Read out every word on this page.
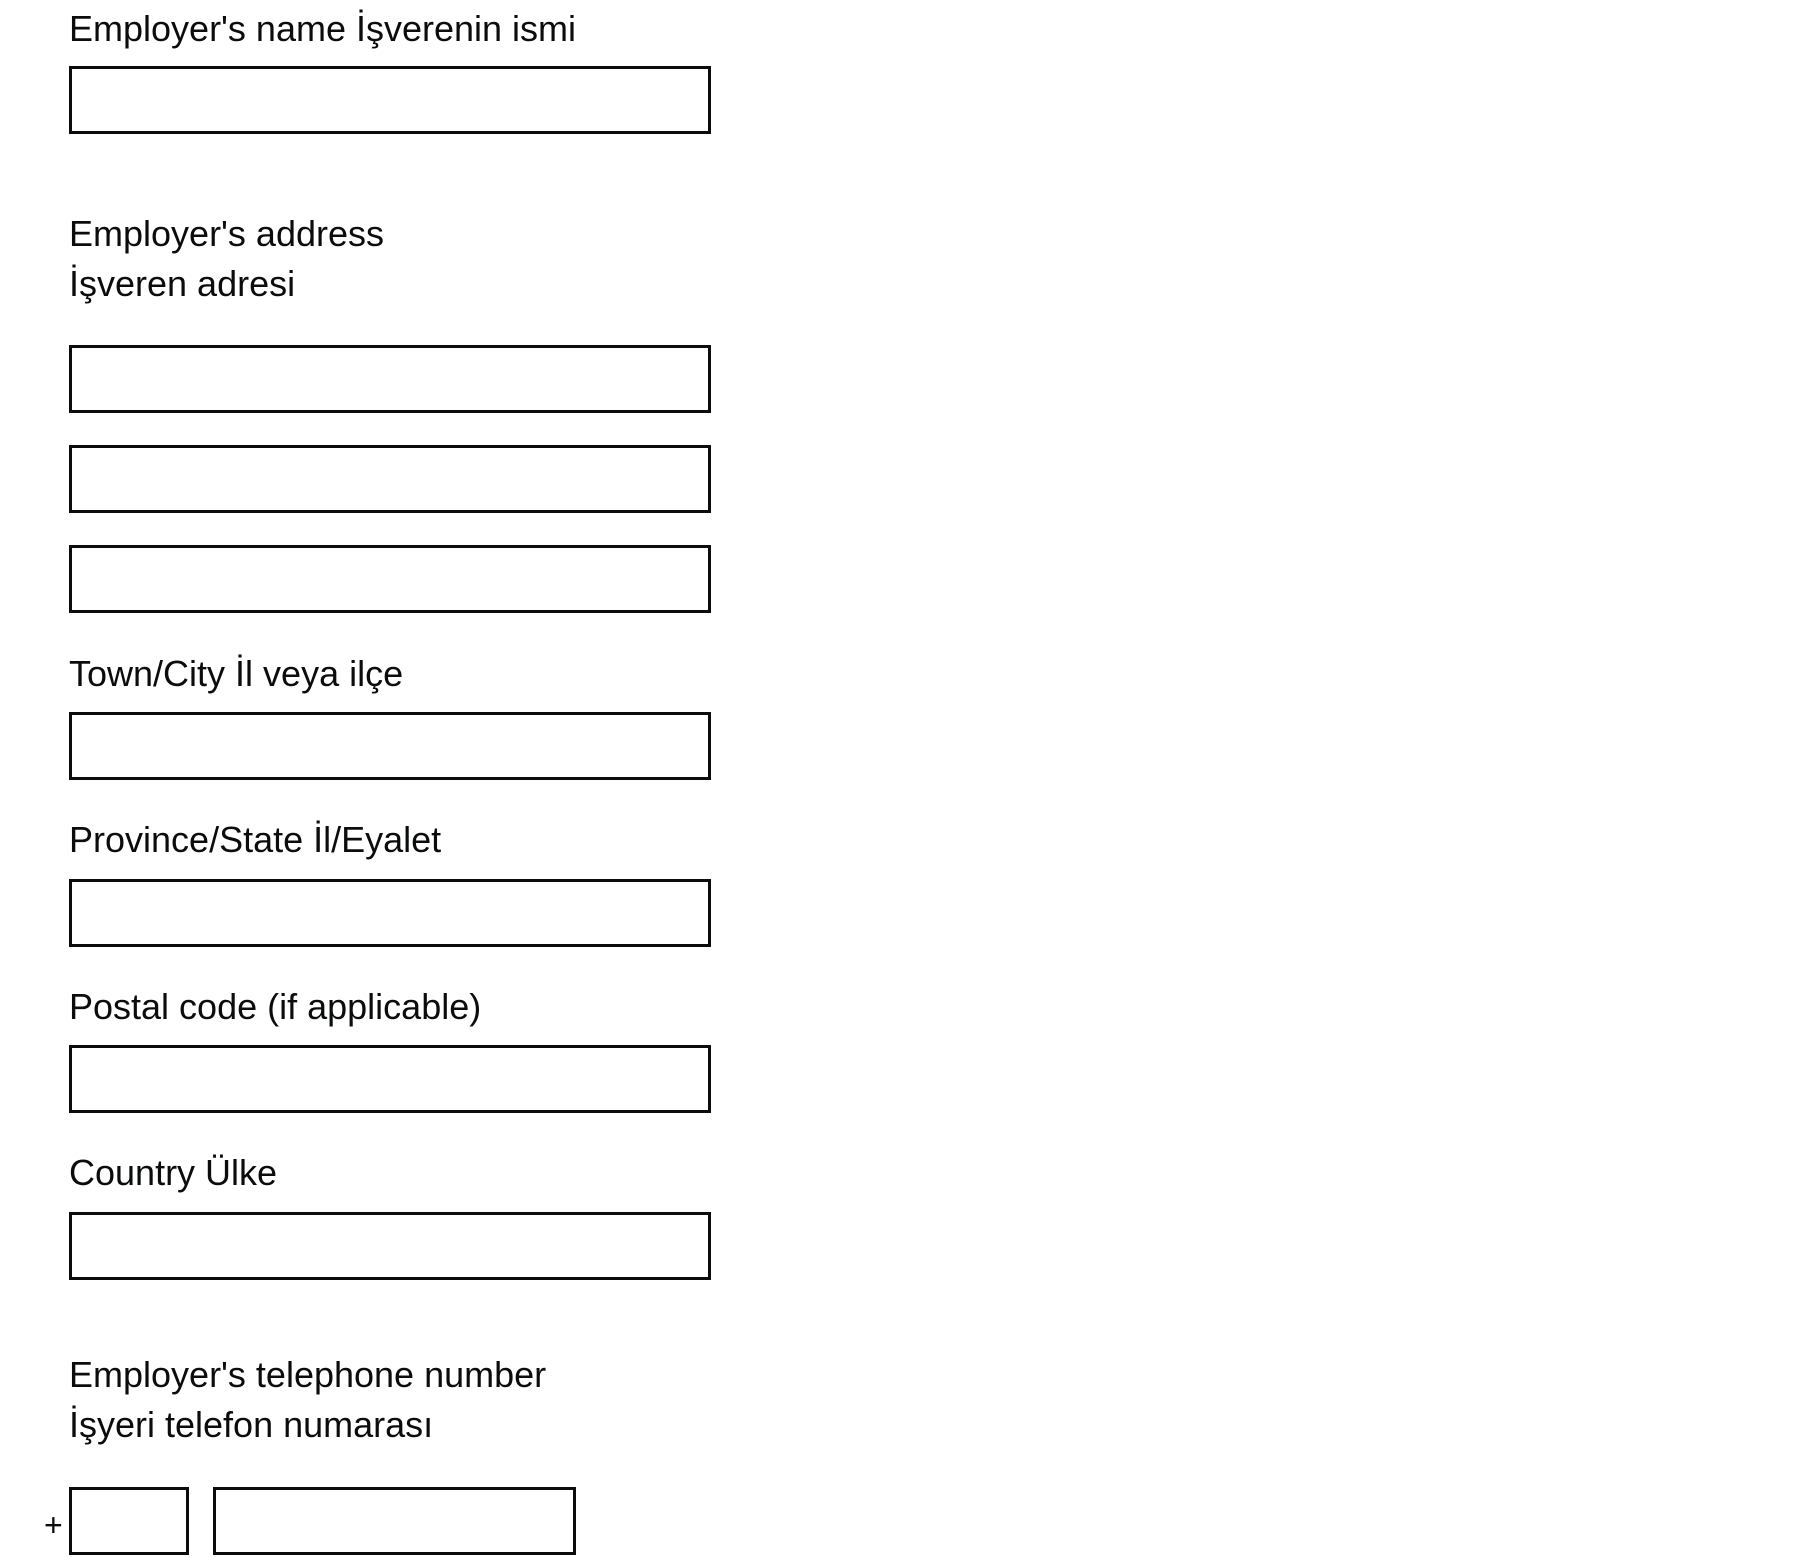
Employer's name İşverenin ismi
Employer's address
İşveren adresi
Town/City İl veya ilçe
Province/State İl/Eyalet
Postal code (if applicable)
Country Ülke
Employer's telephone number
İşyeri telefon numarası
+
